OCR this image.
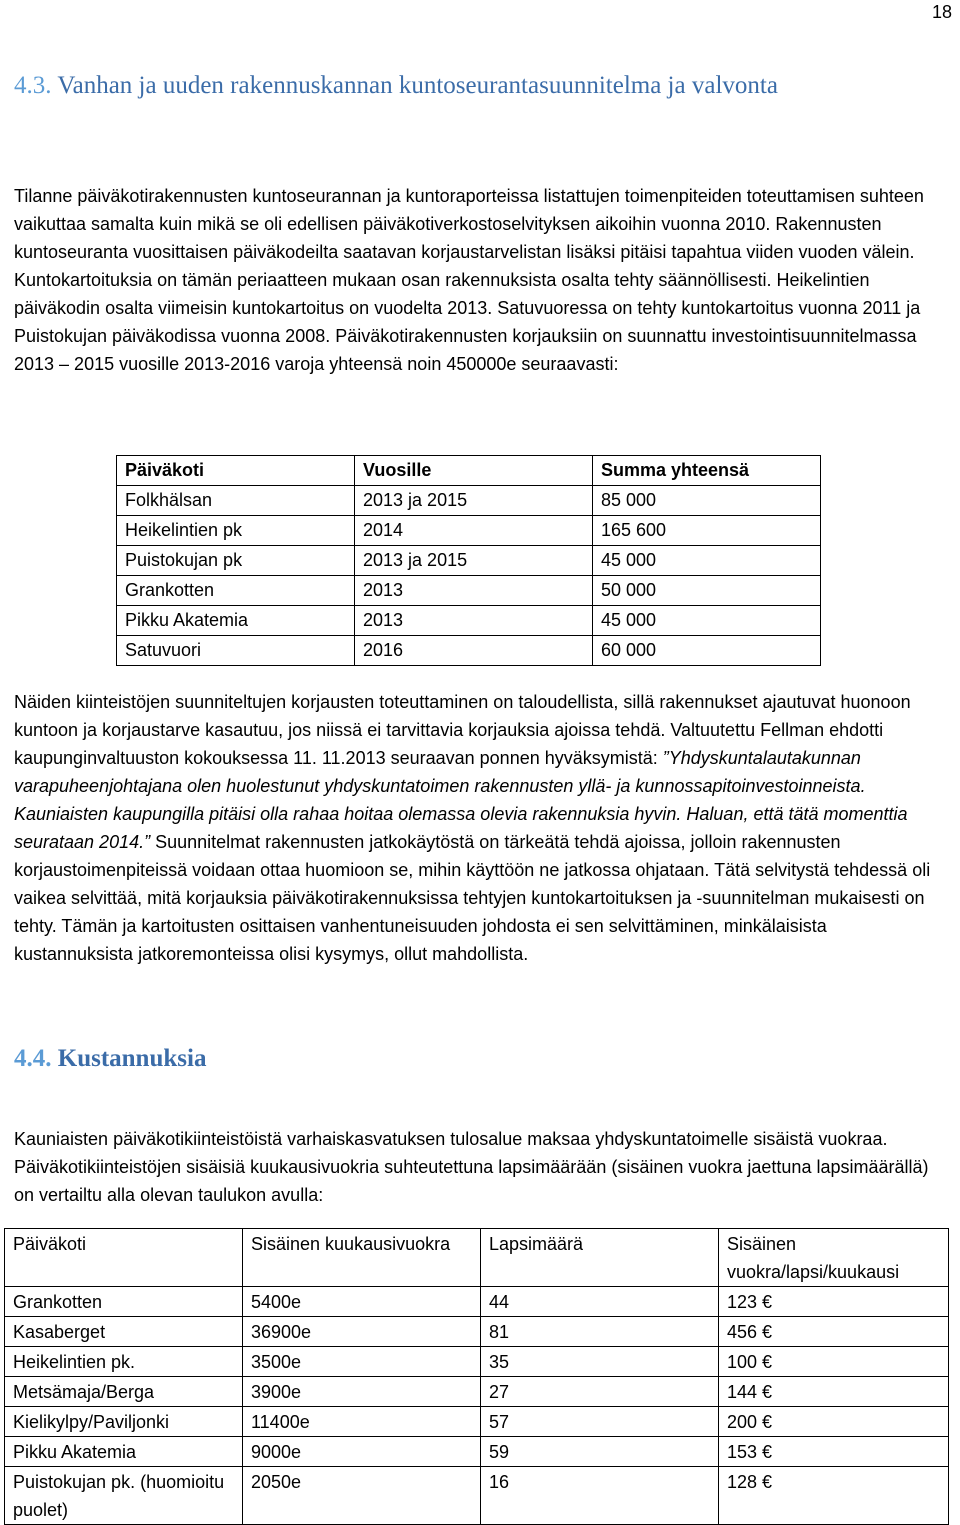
18
4.3. Vanhan ja uuden rakennuskannan kuntoseurantasuunnitelma ja valvonta

Tilanne päiväkotirakennusten kuntoseurannan ja kuntoraporteissa listattujen toimenpiteiden toteuttamisen suhteen vaikuttaa samalta kuin mikä se oli edellisen päiväkotiverkostoselvityksen aikoihin vuonna 2010. Rakennusten kuntoseuranta vuosittaisen päiväkodeilta saatavan korjaustarvelistan lisäksi pitäisi tapahtua viiden vuoden välein. Kuntokartoituksia on tämän periaatteen mukaan osan rakennuksista osalta tehty säännöllisesti. Heikelintien päiväkodin osalta viimeisin kuntokartoitus on vuodelta 2013. Satuvuoressa on tehty kuntokartoitus vuonna 2011 ja Puistokujan päiväkodissa vuonna 2008. Päiväkotirakennusten korjauksiin on suunnattu investointisuunnitelmassa 2013 – 2015 vuosille 2013-2016 varoja yhteensä noin 450000e seuraavasti:

Päiväkoti	Vuosille	Summa yhteensä
Folkhälsan	2013 ja 2015	85 000
Heikelintien pk	2014	165 600
Puistokujan pk	2013 ja 2015	45 000
Grankotten	2013	50 000
Pikku Akatemia	2013	45 000
Satuvuori	2016	60 000

Näiden kiinteistöjen suunniteltujen korjausten toteuttaminen on taloudellista, sillä rakennukset ajautuvat huonoon kuntoon ja korjaustarve kasautuu, jos niissä ei tarvittavia korjauksia ajoissa tehdä. Valtuutettu Fellman ehdotti kaupunginvaltuuston kokouksessa 11. 11.2013 seuraavan ponnen hyväksymistä: ”Yhdyskuntalautakunnan varapuheenjohtajana olen huolestunut yhdyskuntatoimen rakennusten yllä- ja kunnossapitoinvestoinneista. Kauniaisten kaupungilla pitäisi olla rahaa hoitaa olemassa olevia rakennuksia hyvin. Haluan, että tätä momenttia seurataan 2014.” Suunnitelmat rakennusten jatkokäytöstä on tärkeätä tehdä ajoissa, jolloin rakennusten korjaustoimenpiteissä voidaan ottaa huomioon se, mihin käyttöön ne jatkossa ohjataan. Tätä selvitystä tehdessä oli vaikea selvittää, mitä korjauksia päiväkotirakennuksissa tehtyjen kuntokartoituksen ja -suunnitelman mukaisesti on tehty. Tämän ja kartoitusten osittaisen vanhentuneisuuden johdosta ei sen selvittäminen, minkälaisista kustannuksista jatkoremonteissa olisi kysymys, ollut mahdollista.

4.4. Kustannuksia

Kauniaisten päiväkotikiinteistöistä varhaiskasvatuksen tulosalue maksaa yhdyskuntatoimelle sisäistä vuokraa. Päiväkotikiinteistöjen sisäisiä kuukausivuokria suhteutettuna lapsimäärään (sisäinen vuokra jaettuna lapsimäärällä) on vertailtu alla olevan taulukon avulla:

Päiväkoti	Sisäinen kuukausivuokra	Lapsimäärä	Sisäinen vuokra/lapsi/kuukausi
Grankotten	5400e	44	123 €
Kasaberget	36900e	81	456 €
Heikelintien pk.	3500e	35	100 €
Metsämaja/Berga	3900e	27	144 €
Kielikylpy/Paviljonki	11400e	57	200 €
Pikku Akatemia	9000e	59	153 €
Puistokujan pk. (huomioitu puolet)	2050e	16	128 €
